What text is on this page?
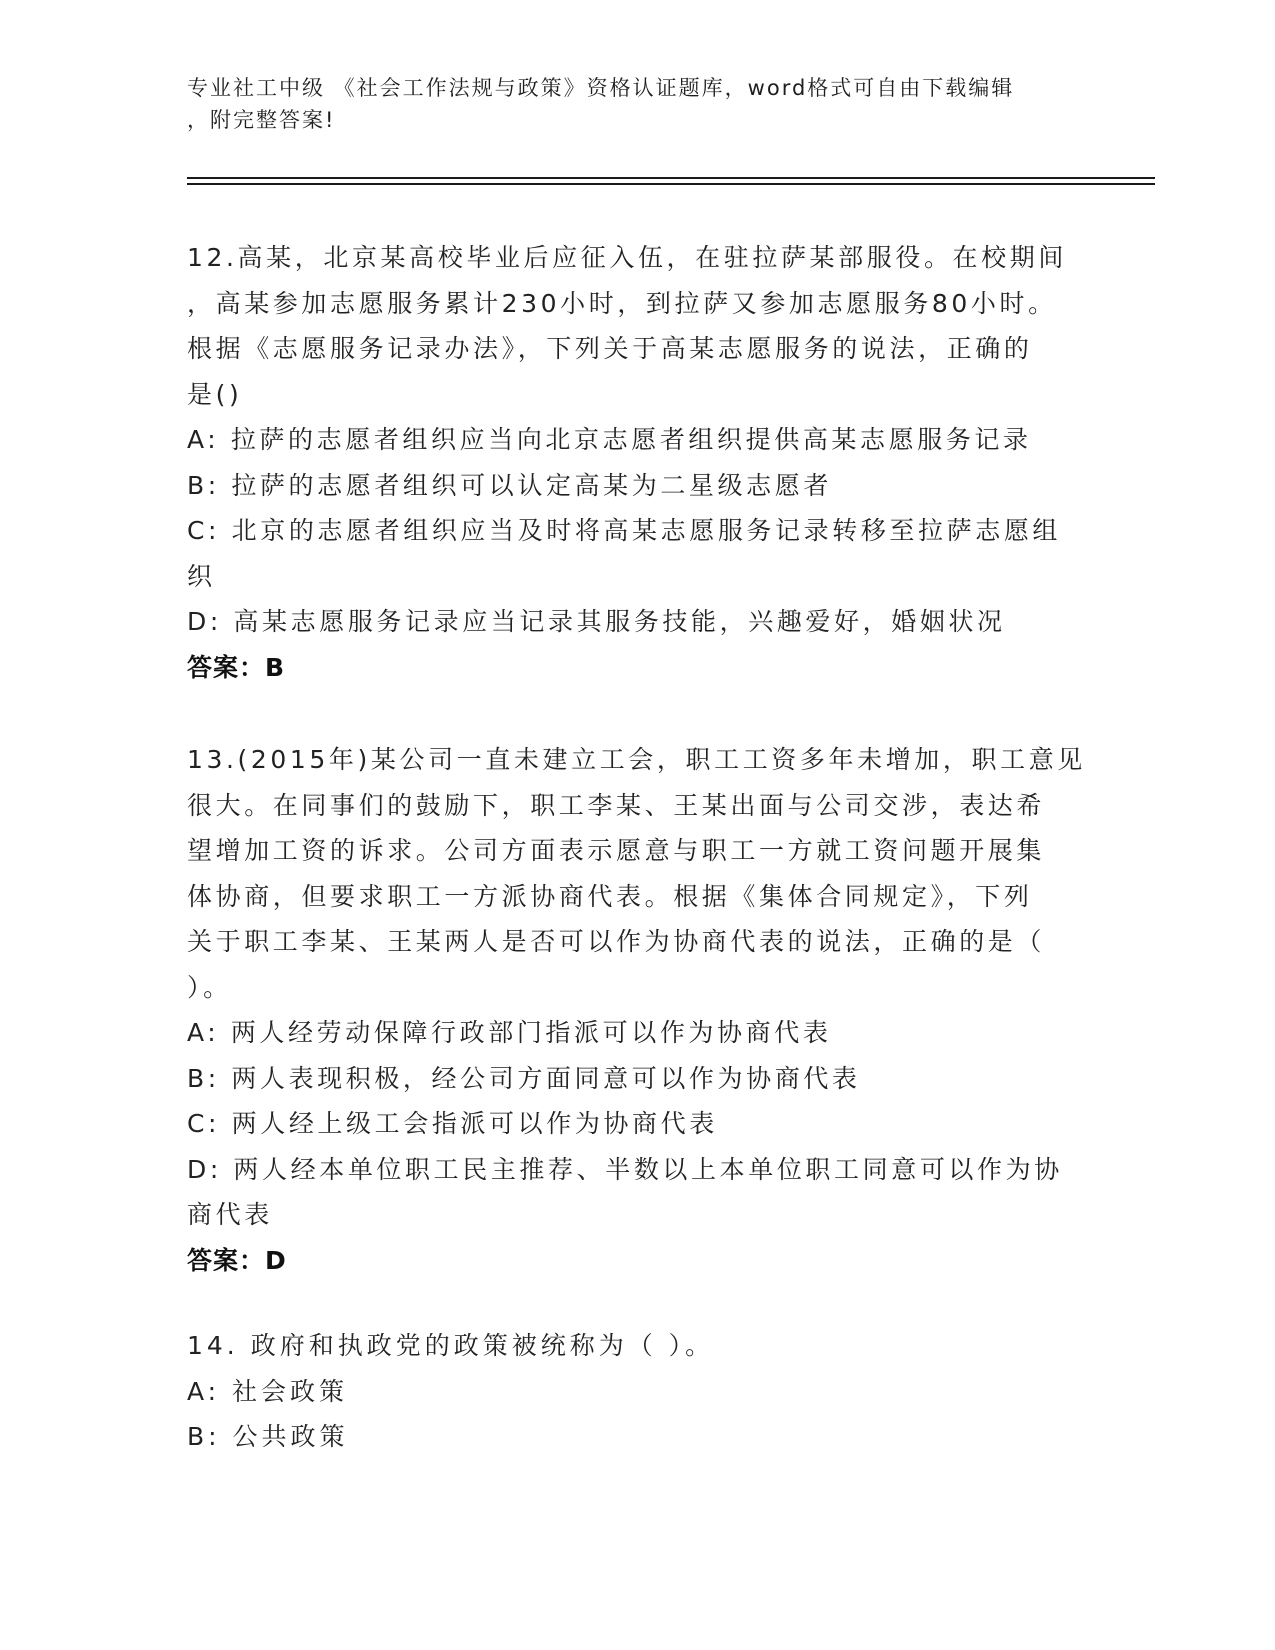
专业社工中级 《社会工作法规与政策》资格认证题库，word格式可自由下载编辑
，附完整答案!
12.高某，北京某高校毕业后应征入伍，在驻拉萨某部服役。在校期间
，高某参加志愿服务累计230小时，到拉萨又参加志愿服务80小时。
根据《志愿服务记录办法》，下列关于高某志愿服务的说法，正确的
是()
A: 拉萨的志愿者组织应当向北京志愿者组织提供高某志愿服务记录
B: 拉萨的志愿者组织可以认定高某为二星级志愿者
C: 北京的志愿者组织应当及时将高某志愿服务记录转移至拉萨志愿组
织
D: 高某志愿服务记录应当记录其服务技能，兴趣爱好，婚姻状况
答案：B
13.(2015年)某公司一直未建立工会，职工工资多年未增加，职工意见
很大。在同事们的鼓励下，职工李某、王某出面与公司交涉，表达希
望增加工资的诉求。公司方面表示愿意与职工一方就工资问题开展集
体协商，但要求职工一方派协商代表。根据《集体合同规定》，下列
关于职工李某、王某两人是否可以作为协商代表的说法，正确的是（
）。
A: 两人经劳动保障行政部门指派可以作为协商代表
B: 两人表现积极，经公司方面同意可以作为协商代表
C: 两人经上级工会指派可以作为协商代表
D: 两人经本单位职工民主推荐、半数以上本单位职工同意可以作为协
商代表
答案：D
14. 政府和执政党的政策被统称为（ ）。
A: 社会政策
B: 公共政策
